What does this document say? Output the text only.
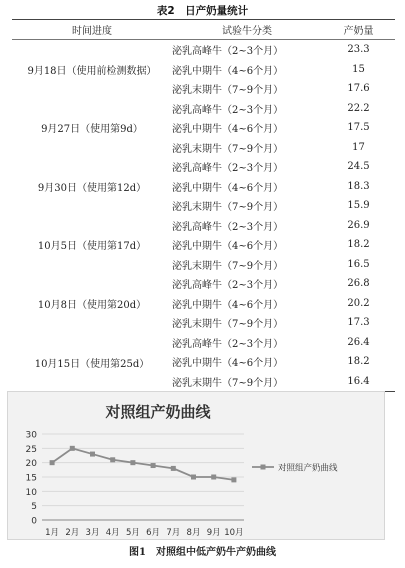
表2　日产奶量统计
时间进度	试验牛分类	产奶量
9月18日（使用前检测数据）	泌乳高峰牛（2~3个月）	23.3
	泌乳中期牛（4~6个月）	15
	泌乳末期牛（7~9个月）	17.6
9月27日（使用第9d）	泌乳高峰牛（2~3个月）	22.2
	泌乳中期牛（4~6个月）	17.5
	泌乳末期牛（7~9个月）	17
9月30日（使用第12d）	泌乳高峰牛（2~3个月）	24.5
	泌乳中期牛（4~6个月）	18.3
	泌乳末期牛（7~9个月）	15.9
10月5日（使用第17d）	泌乳高峰牛（2~3个月）	26.9
	泌乳中期牛（4~6个月）	18.2
	泌乳末期牛（7~9个月）	16.5
10月8日（使用第20d）	泌乳高峰牛（2~3个月）	26.8
	泌乳中期牛（4~6个月）	20.2
	泌乳末期牛（7~9个月）	17.3
10月15日（使用第25d）	泌乳高峰牛（2~3个月）	26.4
	泌乳中期牛（4~6个月）	18.2
	泌乳末期牛（7~9个月）	16.4
对照组产奶曲线
0
5
10
15
20
25
30
1月 2月 3月 4月 5月 6月 7月 8月 9月 10月
对照组产奶曲线
图1　对照组中低产奶牛产奶曲线
